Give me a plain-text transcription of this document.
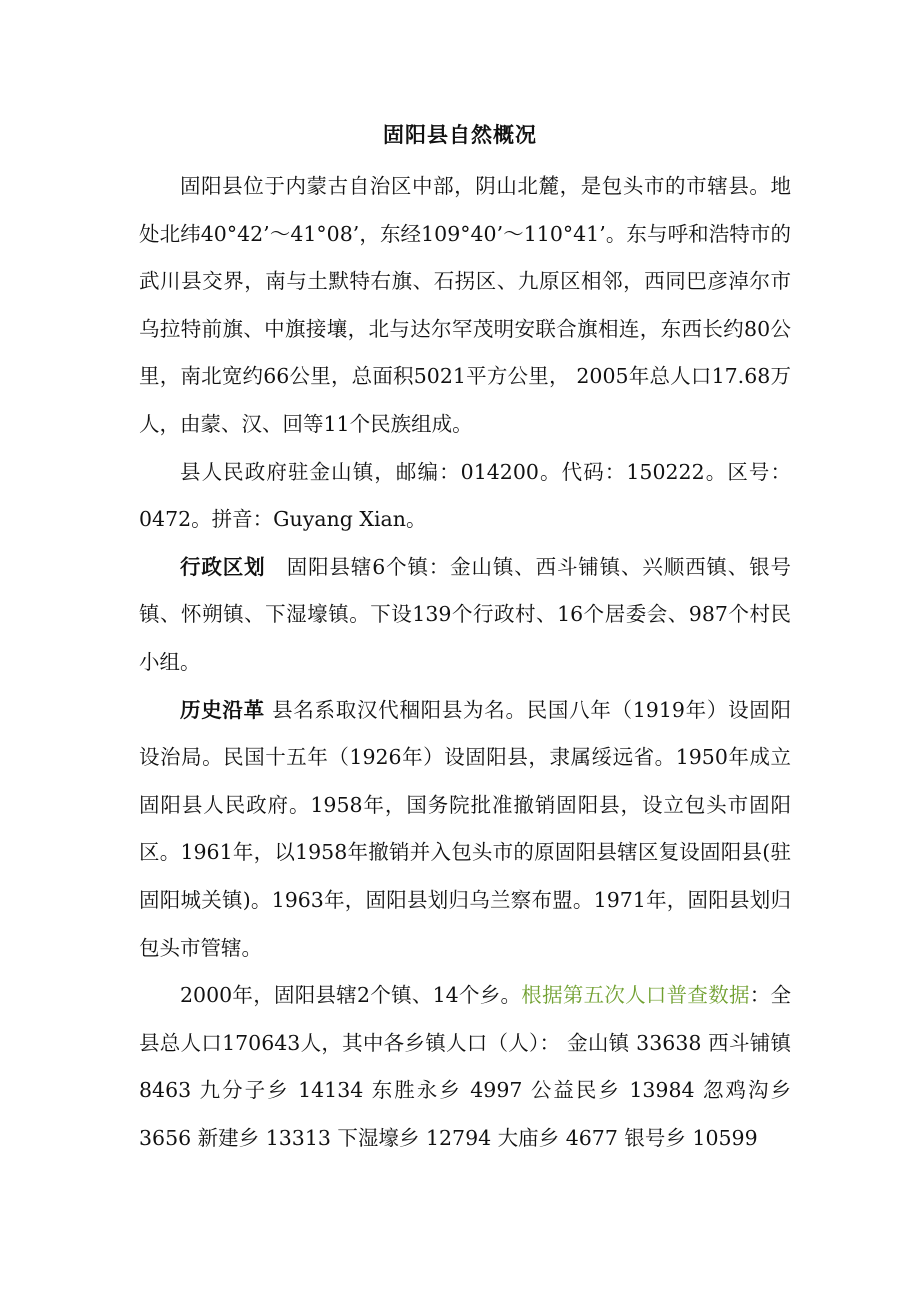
固阳县自然概况

固阳县位于内蒙古自治区中部，阴山北麓，是包头市的市辖县。地处北纬40°42’～41°08’，东经109°40’～110°41’。东与呼和浩特市的武川县交界，南与土默特右旗、石拐区、九原区相邻，西同巴彦淖尔市乌拉特前旗、中旗接壤，北与达尔罕茂明安联合旗相连，东西长约80公里，南北宽约66公里，总面积5021平方公里， 2005年总人口17.68万人，由蒙、汉、回等11个民族组成。

县人民政府驻金山镇，邮编：014200。代码：150222。区号：0472。拼音：Guyang Xian。

行政区划　固阳县辖6个镇：金山镇、西斗铺镇、兴顺西镇、银号镇、怀朔镇、下湿壕镇。下设139个行政村、16个居委会、987个村民小组。

历史沿革 县名系取汉代稒阳县为名。民国八年（1919年）设固阳设治局。民国十五年（1926年）设固阳县，隶属绥远省。1950年成立固阳县人民政府。1958年，国务院批准撤销固阳县，设立包头市固阳区。1961年，以1958年撤销并入包头市的原固阳县辖区复设固阳县(驻固阳城关镇)。1963年，固阳县划归乌兰察布盟。1971年，固阳县划归包头市管辖。

2000年，固阳县辖2个镇、14个乡。根据第五次人口普查数据：全县总人口170643人，其中各乡镇人口（人）： 金山镇 33638 西斗铺镇 8463 九分子乡 14134 东胜永乡 4997 公益民乡 13984 忽鸡沟乡 3656 新建乡 13313 下湿壕乡 12794 大庙乡 4677 银号乡 10599
